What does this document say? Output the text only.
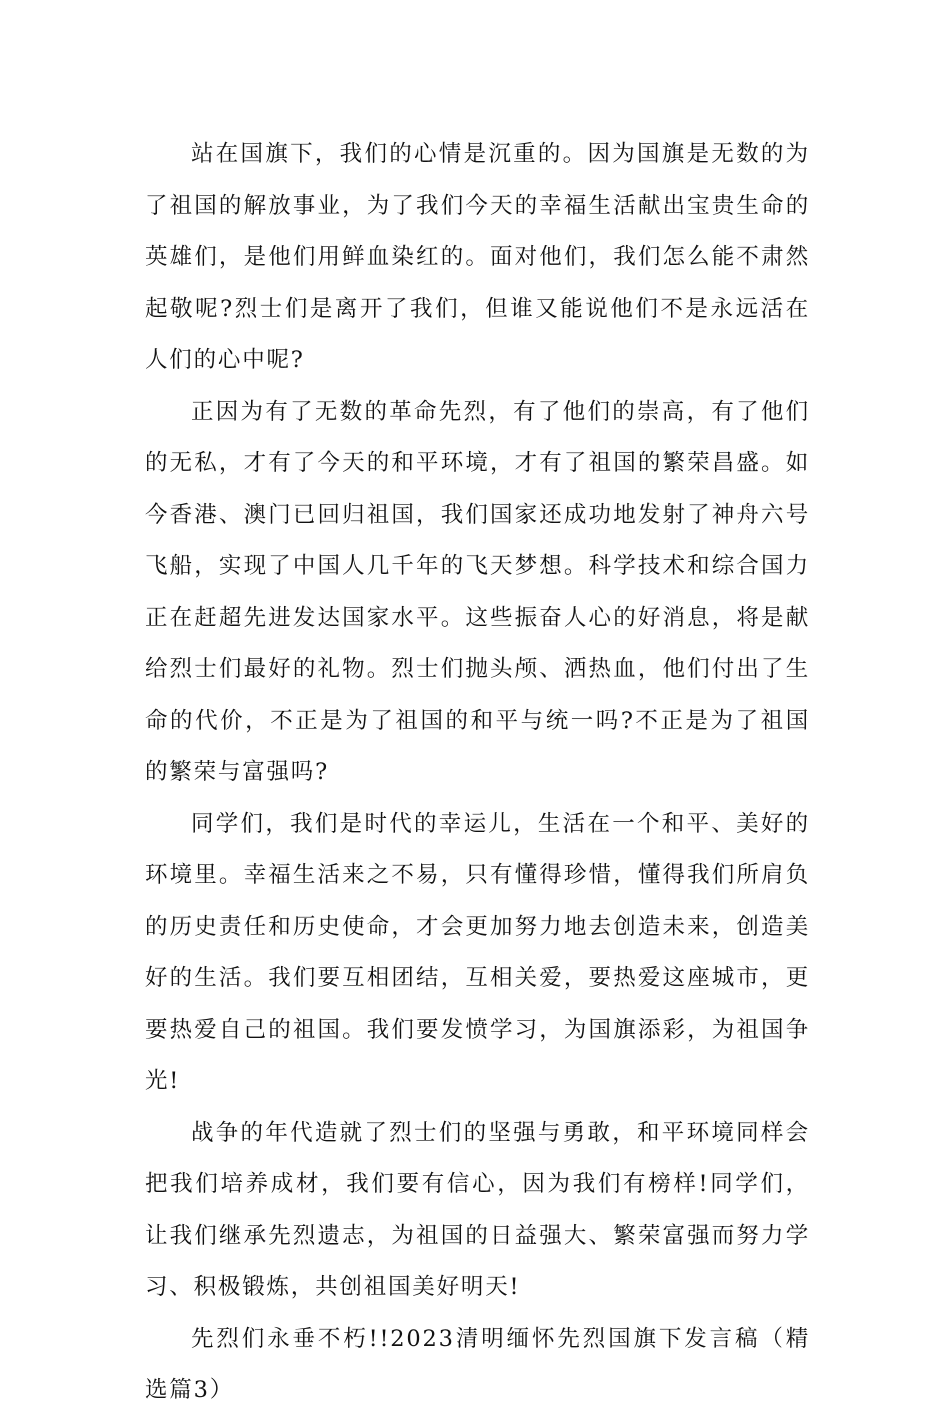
站在国旗下，我们的心情是沉重的。因为国旗是无数的为了祖国的解放事业，为了我们今天的幸福生活献出宝贵生命的英雄们，是他们用鲜血染红的。面对他们，我们怎么能不肃然起敬呢?烈士们是离开了我们，但谁又能说他们不是永远活在人们的心中呢?

正因为有了无数的革命先烈，有了他们的崇高，有了他们的无私，才有了今天的和平环境，才有了祖国的繁荣昌盛。如今香港、澳门已回归祖国，我们国家还成功地发射了神舟六号飞船，实现了中国人几千年的飞天梦想。科学技术和综合国力正在赶超先进发达国家水平。这些振奋人心的好消息，将是献给烈士们最好的礼物。烈士们抛头颅、洒热血，他们付出了生命的代价，不正是为了祖国的和平与统一吗?不正是为了祖国的繁荣与富强吗?

同学们，我们是时代的幸运儿，生活在一个和平、美好的环境里。幸福生活来之不易，只有懂得珍惜，懂得我们所肩负的历史责任和历史使命，才会更加努力地去创造未来，创造美好的生活。我们要互相团结，互相关爱，要热爱这座城市，更要热爱自己的祖国。我们要发愤学习，为国旗添彩，为祖国争光!

战争的年代造就了烈士们的坚强与勇敢，和平环境同样会把我们培养成材，我们要有信心，因为我们有榜样!同学们，让我们继承先烈遗志，为祖国的日益强大、繁荣富强而努力学习、积极锻炼，共创祖国美好明天!

先烈们永垂不朽!!2023清明缅怀先烈国旗下发言稿（精选篇3）
